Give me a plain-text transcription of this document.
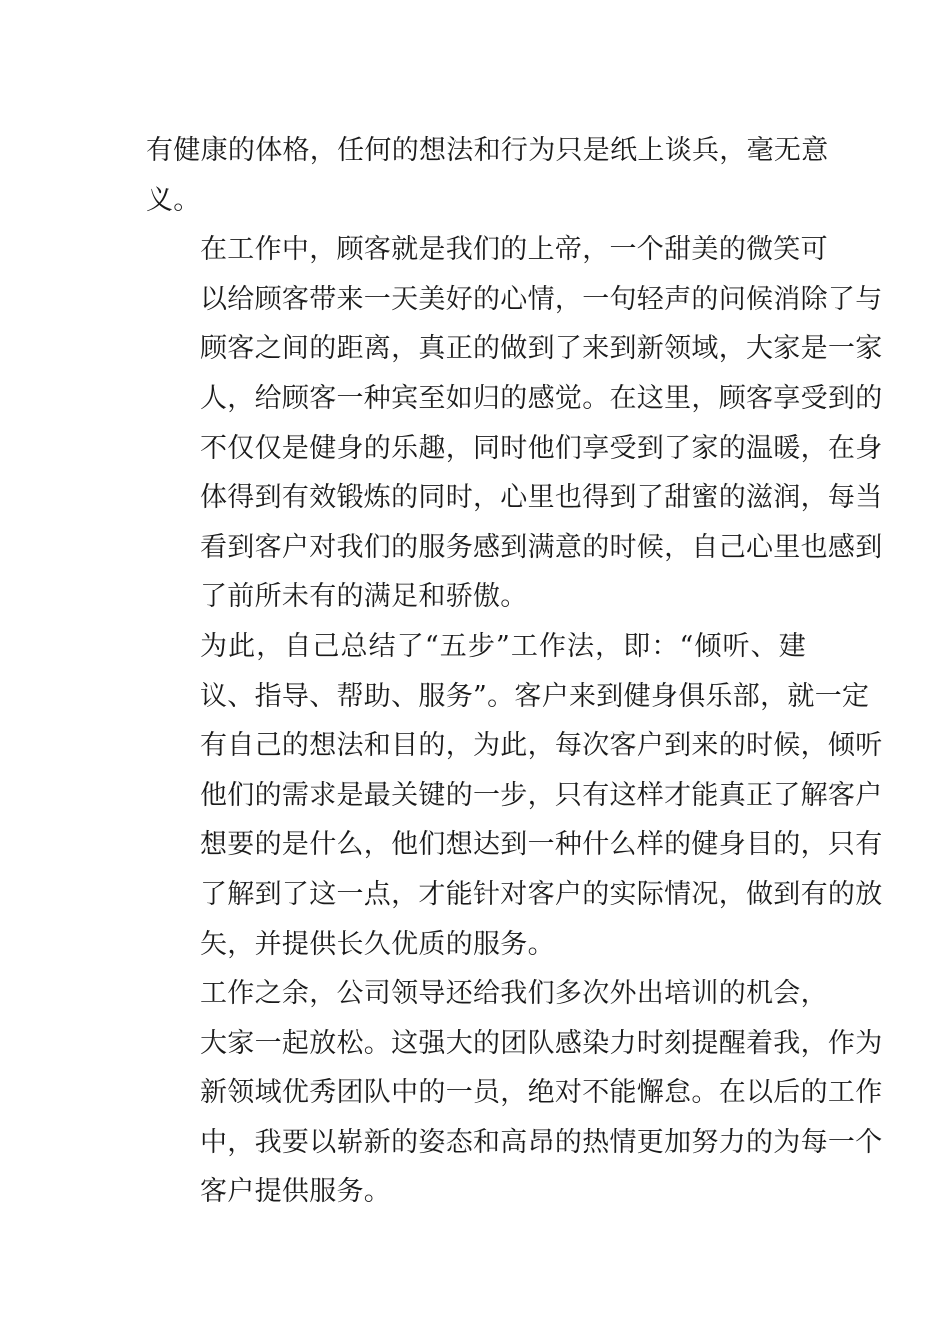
有健康的体格，任何的想法和行为只是纸上谈兵，毫无意
义。

在工作中，顾客就是我们的上帝，一个甜美的微笑可
以给顾客带来一天美好的心情，一句轻声的问候消除了与
顾客之间的距离，真正的做到了来到新领域，大家是一家
人，给顾客一种宾至如归的感觉。在这里，顾客享受到的
不仅仅是健身的乐趣，同时他们享受到了家的温暖，在身
体得到有效锻炼的同时，心里也得到了甜蜜的滋润，每当
看到客户对我们的服务感到满意的时候，自己心里也感到
了前所未有的满足和骄傲。

为此，自己总结了“五步”工作法，即：“倾听、建
议、指导、帮助、服务”。客户来到健身俱乐部，就一定
有自己的想法和目的，为此，每次客户到来的时候，倾听
他们的需求是最关键的一步，只有这样才能真正了解客户
想要的是什么，他们想达到一种什么样的健身目的，只有
了解到了这一点，才能针对客户的实际情况，做到有的放
矢，并提供长久优质的服务。

工作之余，公司领导还给我们多次外出培训的机会，
大家一起放松。这强大的团队感染力时刻提醒着我，作为
新领域优秀团队中的一员，绝对不能懈怠。在以后的工作
中，我要以崭新的姿态和高昂的热情更加努力的为每一个
客户提供服务。
